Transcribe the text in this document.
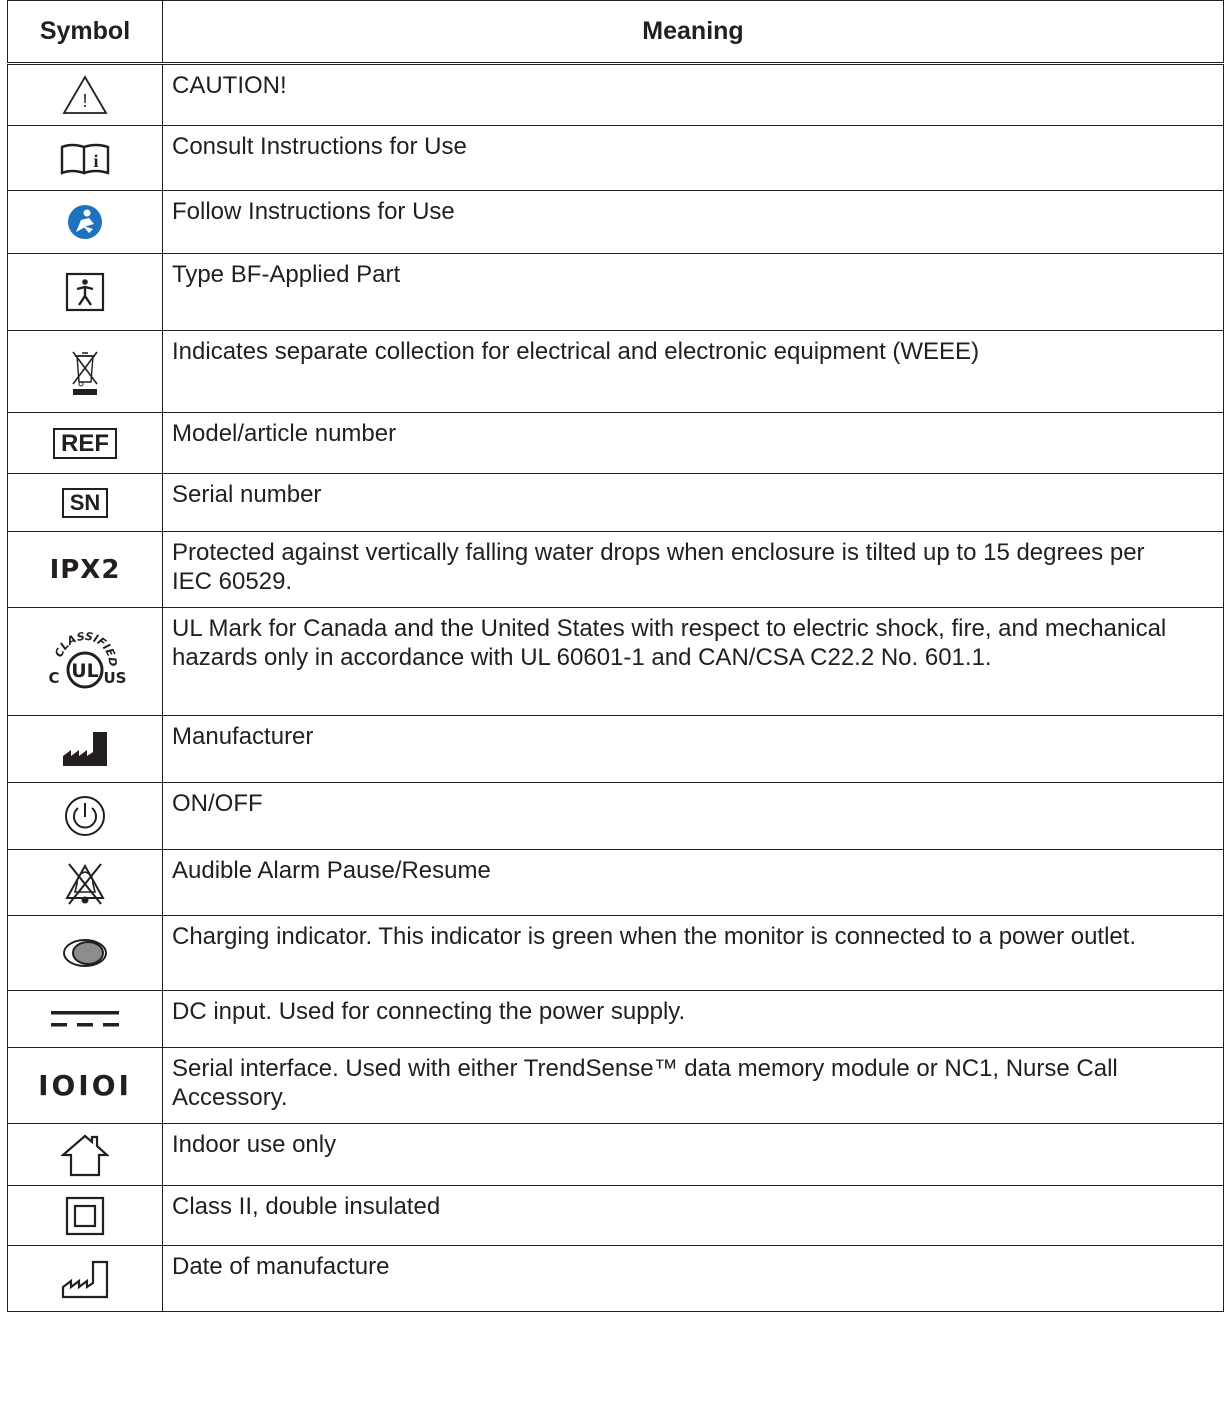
Symbol	Meaning

!	CAUTION!

i	Consult Instructions for Use

	Follow Instructions for Use

	Type BF-Applied Part

	Indicates separate collection for electrical and electronic equipment (WEEE)
REF	Model/article number
SN	Serial number
IPX2	Protected against vertically falling water drops when enclosure is tilted up to 15 degrees per IEC 60529.

CLASSIFIED
UL
C US	UL Mark for Canada and the United States with respect to electric shock, fire, and mechanical hazards only in accordance with UL 60601-1 and CAN/CSA C22.2 No. 601.1.

	Manufacturer

	ON/OFF

	Audible Alarm Pause/Resume

	Charging indicator. This indicator is green when the monitor is connected to a power outlet.

	DC input. Used for connecting the power supply.
IOIOI	Serial interface. Used with either TrendSense™ data memory module or NC1, Nurse Call Accessory.

	Indoor use only

	Class II, double insulated

	Date of manufacture
